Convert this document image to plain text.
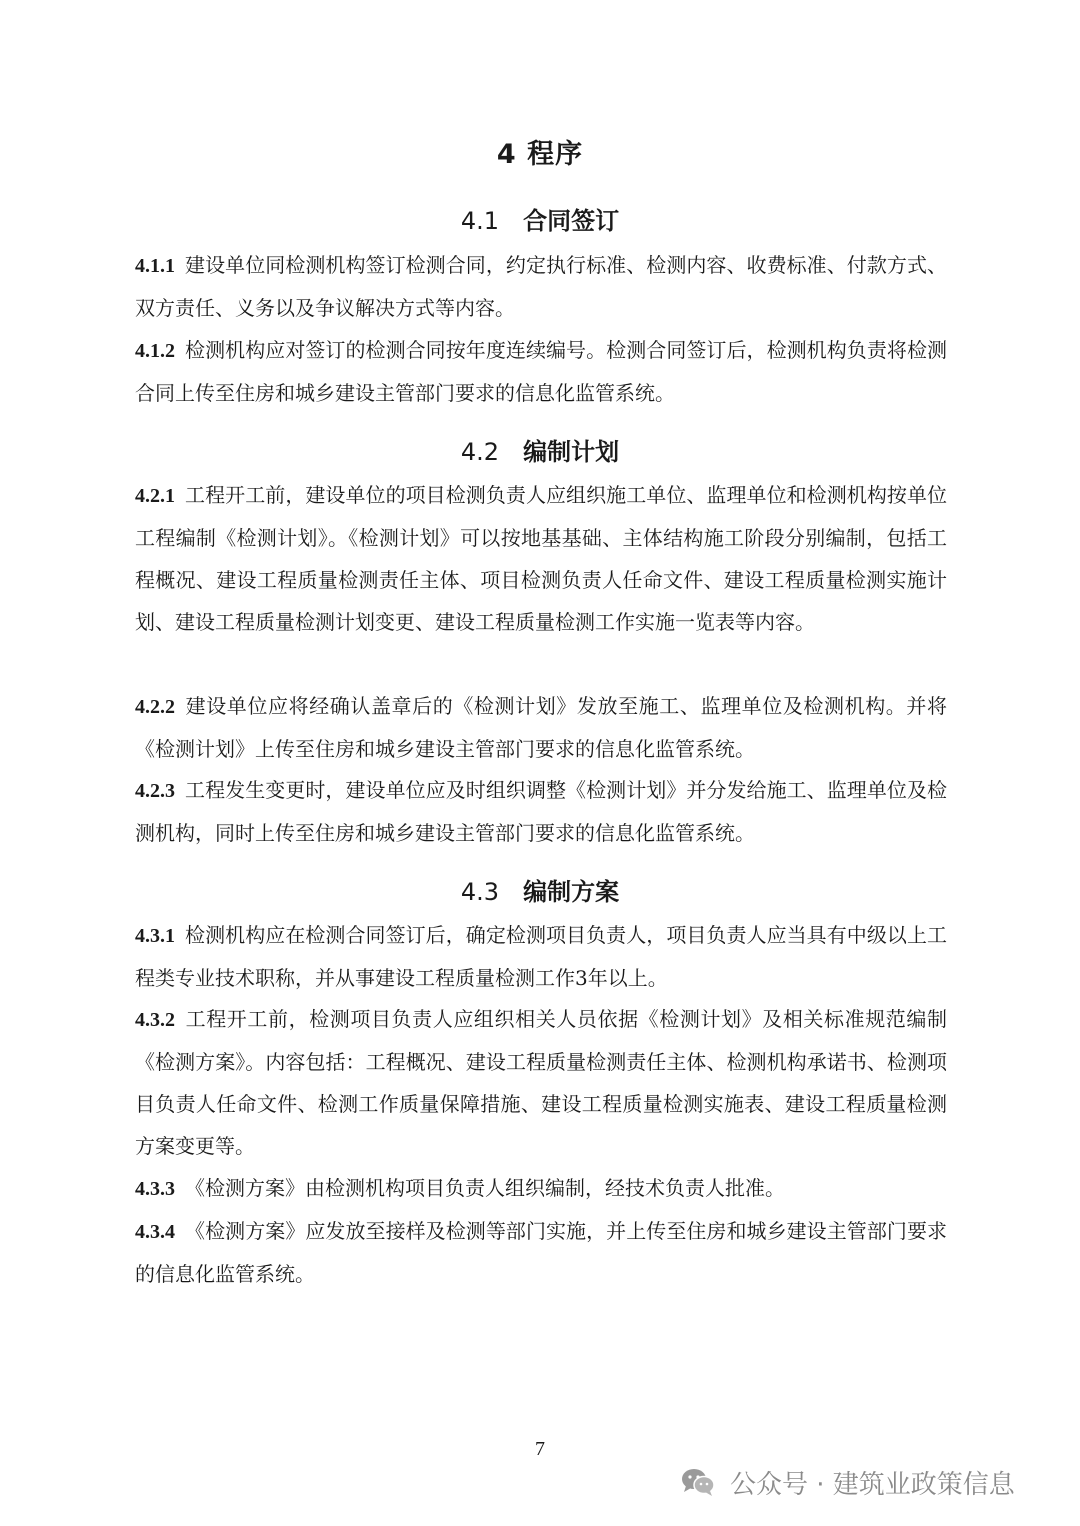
4 程序
4.1 合同签订

4.1.1 建设单位同检测机构签订检测合同，约定执行标准、检测内容、收费标准、付款方式、双方责任、义务以及争议解决方式等内容。

4.1.2 检测机构应对签订的检测合同按年度连续编号。检测合同签订后，检测机构负责将检测合同上传至住房和城乡建设主管部门要求的信息化监管系统。

4.2 编制计划

4.2.1 工程开工前，建设单位的项目检测负责人应组织施工单位、监理单位和检测机构按单位工程编制《检测计划》。《检测计划》可以按地基基础、主体结构施工阶段分别编制，包括工程概况、建设工程质量检测责任主体、项目检测负责人任命文件、建设工程质量检测实施计划、建设工程质量检测计划变更、建设工程质量检测工作实施一览表等内容。

4.2.2 建设单位应将经确认盖章后的《检测计划》发放至施工、监理单位及检测机构。并将《检测计划》上传至住房和城乡建设主管部门要求的信息化监管系统。

4.2.3 工程发生变更时，建设单位应及时组织调整《检测计划》并分发给施工、监理单位及检测机构，同时上传至住房和城乡建设主管部门要求的信息化监管系统。

4.3 编制方案

4.3.1 检测机构应在检测合同签订后，确定检测项目负责人，项目负责人应当具有中级以上工程类专业技术职称，并从事建设工程质量检测工作3年以上。

4.3.2 工程开工前，检测项目负责人应组织相关人员依据《检测计划》及相关标准规范编制《检测方案》。内容包括：工程概况、建设工程质量检测责任主体、检测机构承诺书、检测项目负责人任命文件、检测工作质量保障措施、建设工程质量检测实施表、建设工程质量检测方案变更等。

4.3.3 《检测方案》由检测机构项目负责人组织编制，经技术负责人批准。

4.3.4 《检测方案》应发放至接样及检测等部门实施，并上传至住房和城乡建设主管部门要求的信息化监管系统。

7
公众号 · 建筑业政策信息
